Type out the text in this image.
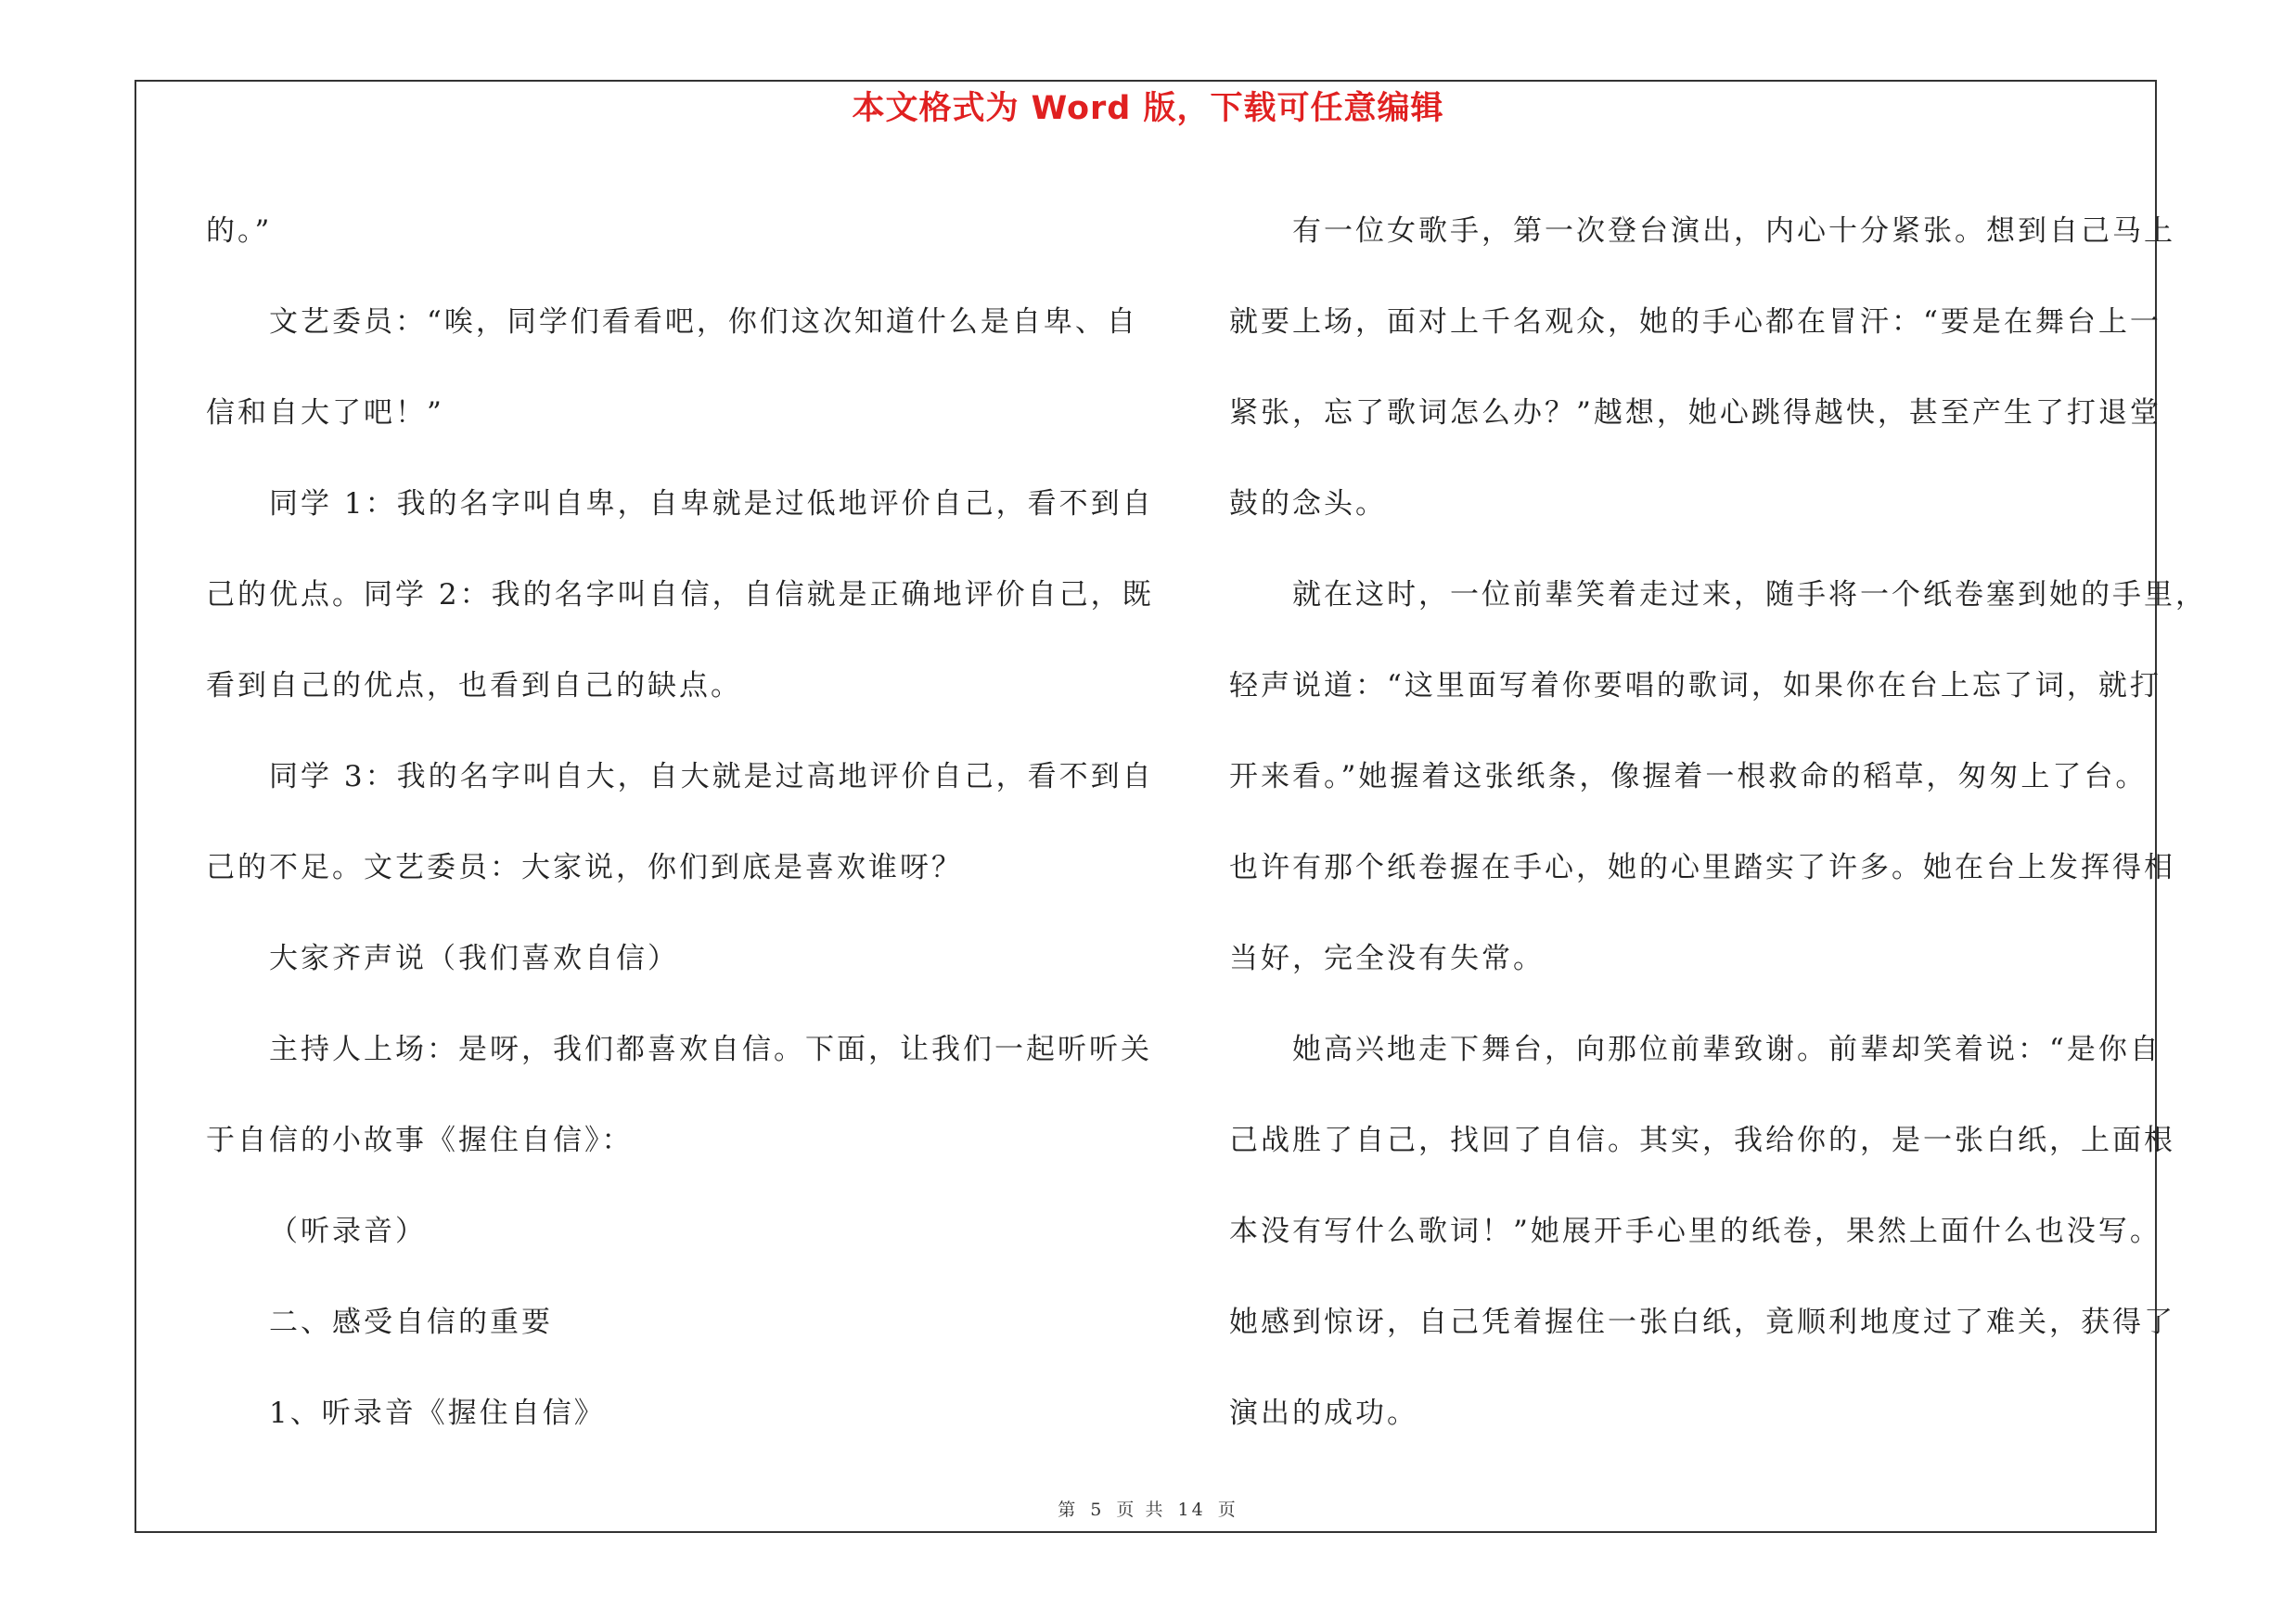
本文格式为 Word 版，下载可任意编辑
的。”
文艺委员：“唉，同学们看看吧，你们这次知道什么是自卑、自
信和自大了吧！”
同学 1：我的名字叫自卑，自卑就是过低地评价自己，看不到自
己的优点。同学 2：我的名字叫自信，自信就是正确地评价自己，既
看到自己的优点，也看到自己的缺点。
同学 3：我的名字叫自大，自大就是过高地评价自己，看不到自
己的不足。文艺委员：大家说，你们到底是喜欢谁呀？
大家齐声说（我们喜欢自信）
主持人上场：是呀，我们都喜欢自信。下面，让我们一起听听关
于自信的小故事《握住自信》：
（听录音）
二、感受自信的重要
1、听录音《握住自信》
有一位女歌手，第一次登台演出，内心十分紧张。想到自己马上
就要上场，面对上千名观众，她的手心都在冒汗：“要是在舞台上一
紧张，忘了歌词怎么办？”越想，她心跳得越快，甚至产生了打退堂
鼓的念头。
就在这时，一位前辈笑着走过来，随手将一个纸卷塞到她的手里，
轻声说道：“这里面写着你要唱的歌词，如果你在台上忘了词，就打
开来看。”她握着这张纸条，像握着一根救命的稻草，匆匆上了台。
也许有那个纸卷握在手心，她的心里踏实了许多。她在台上发挥得相
当好，完全没有失常。
她高兴地走下舞台，向那位前辈致谢。前辈却笑着说：“是你自
己战胜了自己，找回了自信。其实，我给你的，是一张白纸，上面根
本没有写什么歌词！”她展开手心里的纸卷，果然上面什么也没写。
她感到惊讶，自己凭着握住一张白纸，竟顺利地度过了难关，获得了
演出的成功。
第 5 页 共 14 页
